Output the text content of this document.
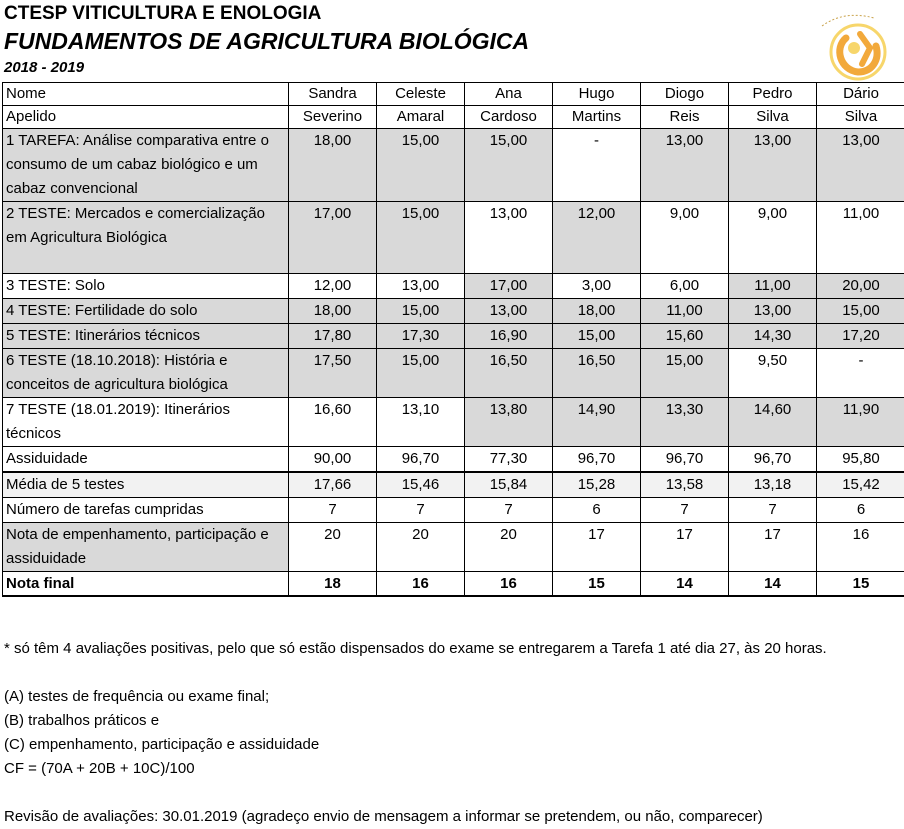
CTESP VITICULTURA E ENOLOGIA
FUNDAMENTOS DE AGRICULTURA BIOLÓGICA
2018 - 2019
Nome	Sandra	Celeste	Ana	Hugo	Diogo	Pedro	Dário
Apelido	Severino	Amaral	Cardoso	Martins	Reis	Silva	Silva
1 TAREFA: Análise comparativa entre o consumo de um cabaz biológico e um cabaz convencional	18,00	15,00	15,00	-	13,00	13,00	13,00
2 TESTE: Mercados e comercialização em Agricultura Biológica	17,00	15,00	13,00	12,00	9,00	9,00	11,00
3 TESTE: Solo	12,00	13,00	17,00	3,00	6,00	11,00	20,00
4 TESTE: Fertilidade do solo	18,00	15,00	13,00	18,00	11,00	13,00	15,00
5 TESTE: Itinerários técnicos	17,80	17,30	16,90	15,00	15,60	14,30	17,20
6 TESTE (18.10.2018): História e conceitos de agricultura biológica	17,50	15,00	16,50	16,50	15,00	9,50	-
7 TESTE (18.01.2019): Itinerários técnicos	16,60	13,10	13,80	14,90	13,30	14,60	11,90
Assiduidade	90,00	96,70	77,30	96,70	96,70	96,70	95,80
Média de 5 testes	17,66	15,46	15,84	15,28	13,58	13,18	15,42
Número de tarefas cumpridas	7	7	7	6	7	7	6
Nota de empenhamento, participação e assiduidade	20	20	20	17	17	17	16
Nota final	18	16	16	15	14	14	15
* só têm 4 avaliações positivas, pelo que só estão dispensados do exame se entregarem a Tarefa 1 até dia 27, às 20 horas.
(A) testes de frequência ou exame final;
(B) trabalhos práticos e
(C) empenhamento, participação e assiduidade
CF = (70A + 20B + 10C)/100
Revisão de avaliações: 30.01.2019 (agradeço envio de mensagem a informar se pretendem, ou não, comparecer)
